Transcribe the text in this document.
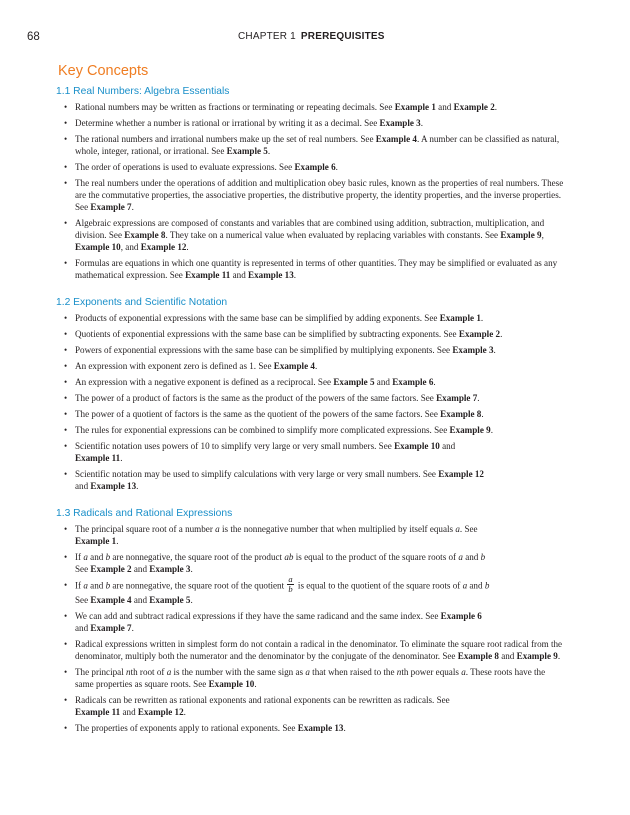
68	CHAPTER 1 PREREQUISITES
Key Concepts
1.1 Real Numbers: Algebra Essentials
• Rational numbers may be written as fractions or terminating or repeating decimals. See Example 1 and Example 2.
• Determine whether a number is rational or irrational by writing it as a decimal. See Example 3.
• The rational numbers and irrational numbers make up the set of real numbers. See Example 4. A number can be classified as natural, whole, integer, rational, or irrational. See Example 5.
• The order of operations is used to evaluate expressions. See Example 6.
• The real numbers under the operations of addition and multiplication obey basic rules, known as the properties of real numbers. These are the commutative properties, the associative properties, the distributive property, the identity properties, and the inverse properties. See Example 7.
• Algebraic expressions are composed of constants and variables that are combined using addition, subtraction, multiplication, and division. See Example 8. They take on a numerical value when evaluated by replacing variables with constants. See Example 9, Example 10, and Example 12.
• Formulas are equations in which one quantity is represented in terms of other quantities. They may be simplified or evaluated as any mathematical expression. See Example 11 and Example 13.
1.2 Exponents and Scientific Notation
• Products of exponential expressions with the same base can be simplified by adding exponents. See Example 1.
• Quotients of exponential expressions with the same base can be simplified by subtracting exponents. See Example 2.
• Powers of exponential expressions with the same base can be simplified by multiplying exponents. See Example 3.
• An expression with exponent zero is defined as 1. See Example 4.
• An expression with a negative exponent is defined as a reciprocal. See Example 5 and Example 6.
• The power of a product of factors is the same as the product of the powers of the same factors. See Example 7.
• The power of a quotient of factors is the same as the quotient of the powers of the same factors. See Example 8.
• The rules for exponential expressions can be combined to simplify more complicated expressions. See Example 9.
• Scientific notation uses powers of 10 to simplify very large or very small numbers. See Example 10 and
Example 11.
• Scientific notation may be used to simplify calculations with very large or very small numbers. See Example 12
and Example 13.
1.3 Radicals and Rational Expressions
• The principal square root of a number a is the nonnegative number that when multiplied by itself equals a. See
Example 1.
• If a and b are nonnegative, the square root of the product ab is equal to the product of the square roots of a and b
See Example 2 and Example 3.
• If a and b are nonnegative, the square root of the quotient $\frac{a}{b}$ is equal to the quotient of the square roots of a and b
See Example 4 and Example 5.
• We can add and subtract radical expressions if they have the same radicand and the same index. See Example 6
and Example 7.
• Radical expressions written in simplest form do not contain a radical in the denominator. To eliminate the square root radical from the denominator, multiply both the numerator and the denominator by the conjugate of the denominator. See Example 8 and Example 9.
• The principal nth root of a is the number with the same sign as a that when raised to the nth power equals a. These roots have the same properties as square roots. See Example 10.
• Radicals can be rewritten as rational exponents and rational exponents can be rewritten as radicals. See
Example 11 and Example 12.
• The properties of exponents apply to rational exponents. See Example 13.
